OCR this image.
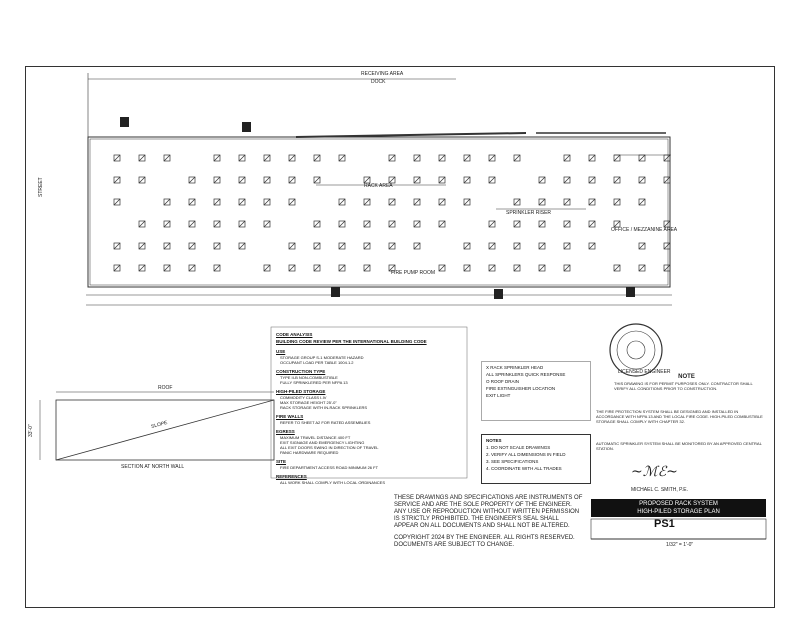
RECEIVING AREA
DOCK
STREET	RACK AREA
SPRINKLER RISER
OFFICE / MEZZANINE AREA
FIRE PUMP ROOM
ROOF
SLOPE
33'-0"
SECTION AT NORTH WALL
CODE ANALYSIS
BUILDING CODE REVIEW PER THE INTERNATIONAL BUILDING CODE
USE
STORAGE GROUP S-1 MODERATE HAZARD
OCCUPANT LOAD PER TABLE 1004.1.2
CONSTRUCTION TYPE
TYPE II-B NON-COMBUSTIBLE
FULLY SPRINKLERED PER NFPA 13
HIGH-PILED STORAGE
COMMODITY CLASS I-IV
MAX STORAGE HEIGHT 25'-0"
RACK STORAGE WITH IN-RACK SPRINKLERS
FIRE WALLS
REFER TO SHEET A2 FOR RATED ASSEMBLIES
EGRESS
MAXIMUM TRAVEL DISTANCE 400 FT
EXIT SIGNAGE AND EMERGENCY LIGHTING
ALL EXIT DOORS SWING IN DIRECTION OF TRAVEL
PANIC HARDWARE REQUIRED
SITE
FIRE DEPARTMENT ACCESS ROAD MINIMUM 26 FT
REFERENCES
ALL WORK SHALL COMPLY WITH LOCAL ORDINANCES
X RACK SPRINKLER HEAD
ALL SPRINKLERS QUICK RESPONSE
O ROOF DRAIN
FIRE EXTINGUISHER LOCATION
EXIT LIGHT
NOTES
1. DO NOT SCALE DRAWINGS
2. VERIFY ALL DIMENSIONS IN FIELD
3. SEE SPECIFICATIONS
4. COORDINATE WITH ALL TRADES
LICENSED ENGINEER
NOTE
THIS DRAWING IS FOR PERMIT PURPOSES ONLY. CONTRACTOR SHALL VERIFY ALL CONDITIONS PRIOR TO CONSTRUCTION.
THE FIRE PROTECTION SYSTEM SHALL BE DESIGNED AND INSTALLED IN ACCORDANCE WITH NFPA 13 AND THE LOCAL FIRE CODE. HIGH-PILED COMBUSTIBLE STORAGE SHALL COMPLY WITH CHAPTER 32.
AUTOMATIC SPRINKLER SYSTEM SHALL BE MONITORED BY AN APPROVED CENTRAL STATION.
~ℳℰ~
MICHAEL C. SMITH, P.E.
PROPOSED RACK SYSTEM
HIGH-PILED STORAGE PLAN
PS1
1/32" = 1'-0"
THESE DRAWINGS AND SPECIFICATIONS ARE INSTRUMENTS OF SERVICE AND ARE THE SOLE PROPERTY OF THE ENGINEER. ANY USE OR REPRODUCTION WITHOUT WRITTEN PERMISSION IS STRICTLY PROHIBITED. THE ENGINEER'S SEAL SHALL APPEAR ON ALL DOCUMENTS AND SHALL NOT BE ALTERED.
COPYRIGHT 2024 BY THE ENGINEER. ALL RIGHTS RESERVED. DOCUMENTS ARE SUBJECT TO CHANGE.
